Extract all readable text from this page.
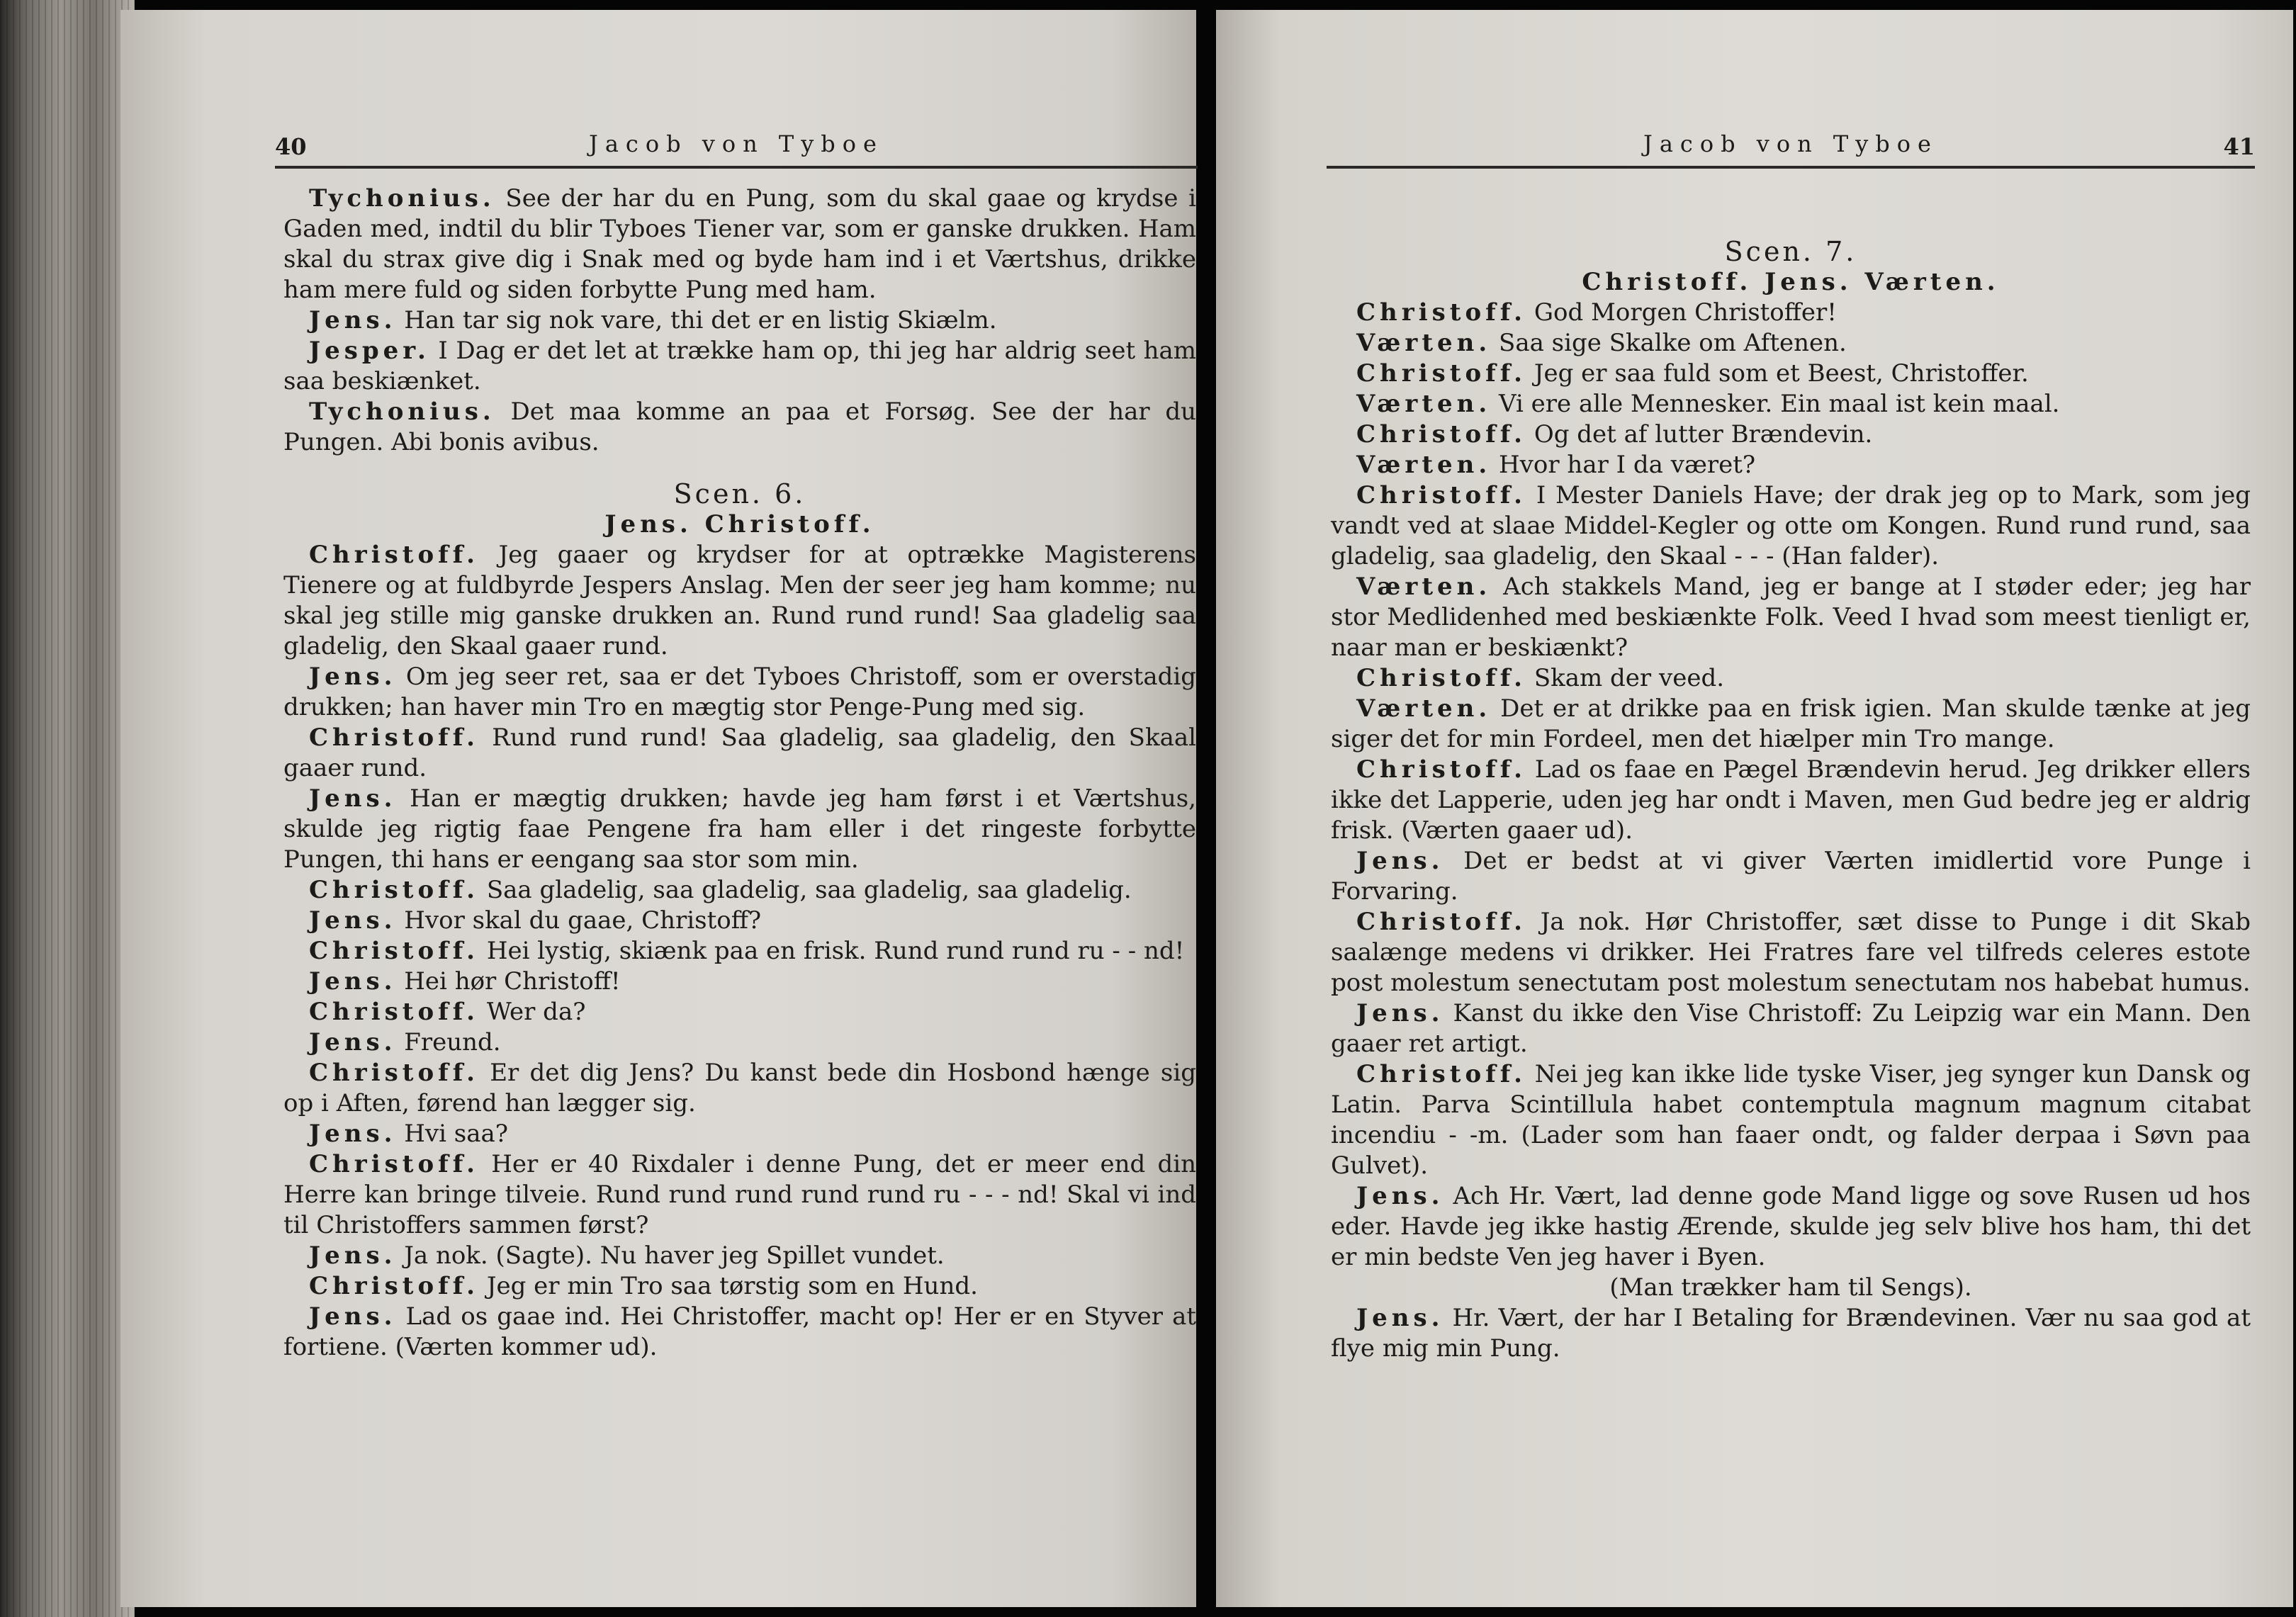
40	Jacob von Tyboe

Tychonius. See der har du en Pung, som du skal gaae og krydse i Gaden med, indtil du blir Tyboes Tiener var, som er ganske drukken. Ham skal du strax give dig i Snak med og byde ham ind i et Værtshus, drikke ham mere fuld og siden forbytte Pung med ham.

Jens. Han tar sig nok vare, thi det er en listig Skiælm.

Jesper. I Dag er det let at trække ham op, thi jeg har aldrig seet ham saa beskiænket.

Tychonius. Det maa komme an paa et Forsøg. See der har du Pungen. Abi bonis avibus.

Scen. 6.

Jens. Christoff.

Christoff. Jeg gaaer og krydser for at optrække Magisterens Tienere og at fuldbyrde Jespers Anslag. Men der seer jeg ham komme; nu skal jeg stille mig ganske drukken an. Rund rund rund! Saa gladelig saa gladelig, den Skaal gaaer rund.

Jens. Om jeg seer ret, saa er det Tyboes Christoff, som er overstadig drukken; han haver min Tro en mægtig stor Penge-Pung med sig.

Christoff. Rund rund rund! Saa gladelig, saa gladelig, den Skaal gaaer rund.

Jens. Han er mægtig drukken; havde jeg ham først i et Værtshus, skulde jeg rigtig faae Pengene fra ham eller i det ringeste forbytte Pungen, thi hans er eengang saa stor som min.

Christoff. Saa gladelig, saa gladelig, saa gladelig, saa gladelig.

Jens. Hvor skal du gaae, Christoff?

Christoff. Hei lystig, skiænk paa en frisk. Rund rund rund ru - - nd!

Jens. Hei hør Christoff!

Christoff. Wer da?

Jens. Freund.

Christoff. Er det dig Jens? Du kanst bede din Hosbond hænge sig op i Aften, førend han lægger sig.

Jens. Hvi saa?

Christoff. Her er 40 Rixdaler i denne Pung, det er meer end din Herre kan bringe tilveie. Rund rund rund rund rund ru - - - nd! Skal vi ind til Christoffers sammen først?

Jens. Ja nok. (Sagte). Nu haver jeg Spillet vundet.

Christoff. Jeg er min Tro saa tørstig som en Hund.

Jens. Lad os gaae ind. Hei Christoffer, macht op! Her er en Styver at fortiene. (Værten kommer ud).

Jacob von Tyboe	41

Scen. 7.

Christoff. Jens. Værten.

Christoff. God Morgen Christoffer!

Værten. Saa sige Skalke om Aftenen.

Christoff. Jeg er saa fuld som et Beest, Christoffer.

Værten. Vi ere alle Mennesker. Ein maal ist kein maal.

Christoff. Og det af lutter Brændevin.

Værten. Hvor har I da været?

Christoff. I Mester Daniels Have; der drak jeg op to Mark, som jeg vandt ved at slaae Middel-Kegler og otte om Kongen. Rund rund rund, saa gladelig, saa gladelig, den Skaal - - - (Han falder).

Værten. Ach stakkels Mand, jeg er bange at I støder eder; jeg har stor Medlidenhed med beskiænkte Folk. Veed I hvad som meest tienligt er, naar man er beskiænkt?

Christoff. Skam der veed.

Værten. Det er at drikke paa en frisk igien. Man skulde tænke at jeg siger det for min Fordeel, men det hiælper min Tro mange.

Christoff. Lad os faae en Pægel Brændevin herud. Jeg drikker ellers ikke det Lapperie, uden jeg har ondt i Maven, men Gud bedre jeg er aldrig frisk. (Værten gaaer ud).

Jens. Det er bedst at vi giver Værten imidlertid vore Punge i Forvaring.

Christoff. Ja nok. Hør Christoffer, sæt disse to Punge i dit Skab saalænge medens vi drikker. Hei Fratres fare vel tilfreds celeres estote post molestum senectutam post molestum senectutam nos habebat humus.

Jens. Kanst du ikke den Vise Christoff: Zu Leipzig war ein Mann. Den gaaer ret artigt.

Christoff. Nei jeg kan ikke lide tyske Viser, jeg synger kun Dansk og Latin. Parva Scintillula habet contemptula magnum magnum citabat incendiu - -m. (Lader som han faaer ondt, og falder derpaa i Søvn paa Gulvet).

Jens. Ach Hr. Vært, lad denne gode Mand ligge og sove Rusen ud hos eder. Havde jeg ikke hastig Ærende, skulde jeg selv blive hos ham, thi det er min bedste Ven jeg haver i Byen.

(Man trækker ham til Sengs).

Jens. Hr. Vært, der har I Betaling for Brændevinen. Vær nu saa god at flye mig min Pung.
